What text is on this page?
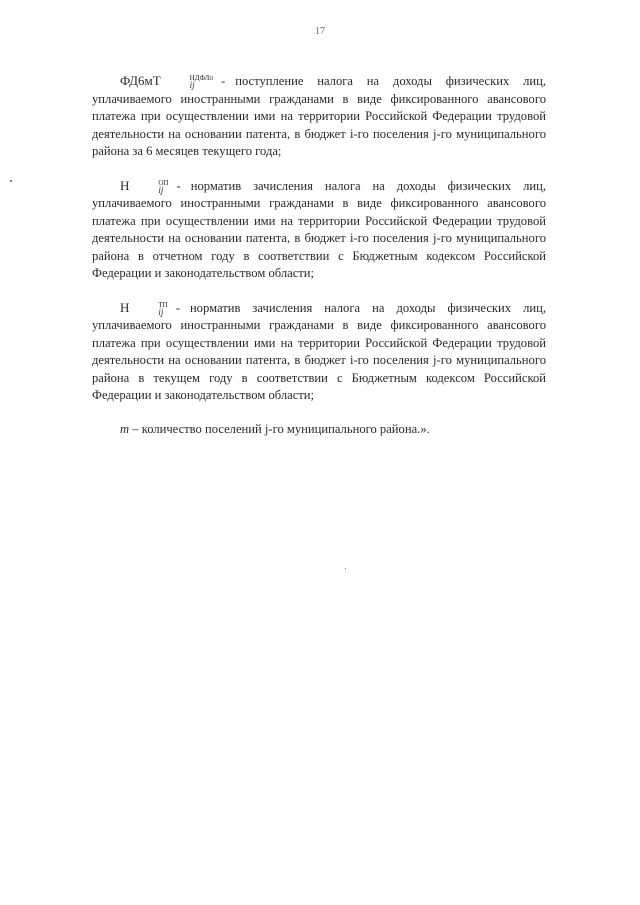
17

ФД6мТ	НДФЛп
ij	- поступление налога на доходы физических лиц, уплачиваемого иностранными гражданами в виде фиксированного авансового платежа при осуществлении ими на территории Российской Федерации трудовой деятельности на основании патента, в бюджет i-го поселения j-го муниципального района за 6 месяцев текущего года;

Н	ОП
ij	- норматив зачисления налога на доходы физических лиц, уплачиваемого иностранными гражданами в виде фиксированного авансового платежа при осуществлении ими на территории Российской Федерации трудовой деятельности на основании патента, в бюджет i-го поселения j-го муниципального района в отчетном году в соответствии с Бюджетным кодексом Российской Федерации и законодательством области;

Н	ТП
ij - норматив зачисления налога на доходы физических лиц, уплачиваемого иностранными гражданами в виде фиксированного авансового платежа при осуществлении ими на территории Российской Федерации трудовой деятельности на основании патента, в бюджет i-го поселения j-го муниципального района в текущем году в соответствии с Бюджетным кодексом Российской Федерации и законодательством области;

m – количество поселений j-го муниципального района.».
